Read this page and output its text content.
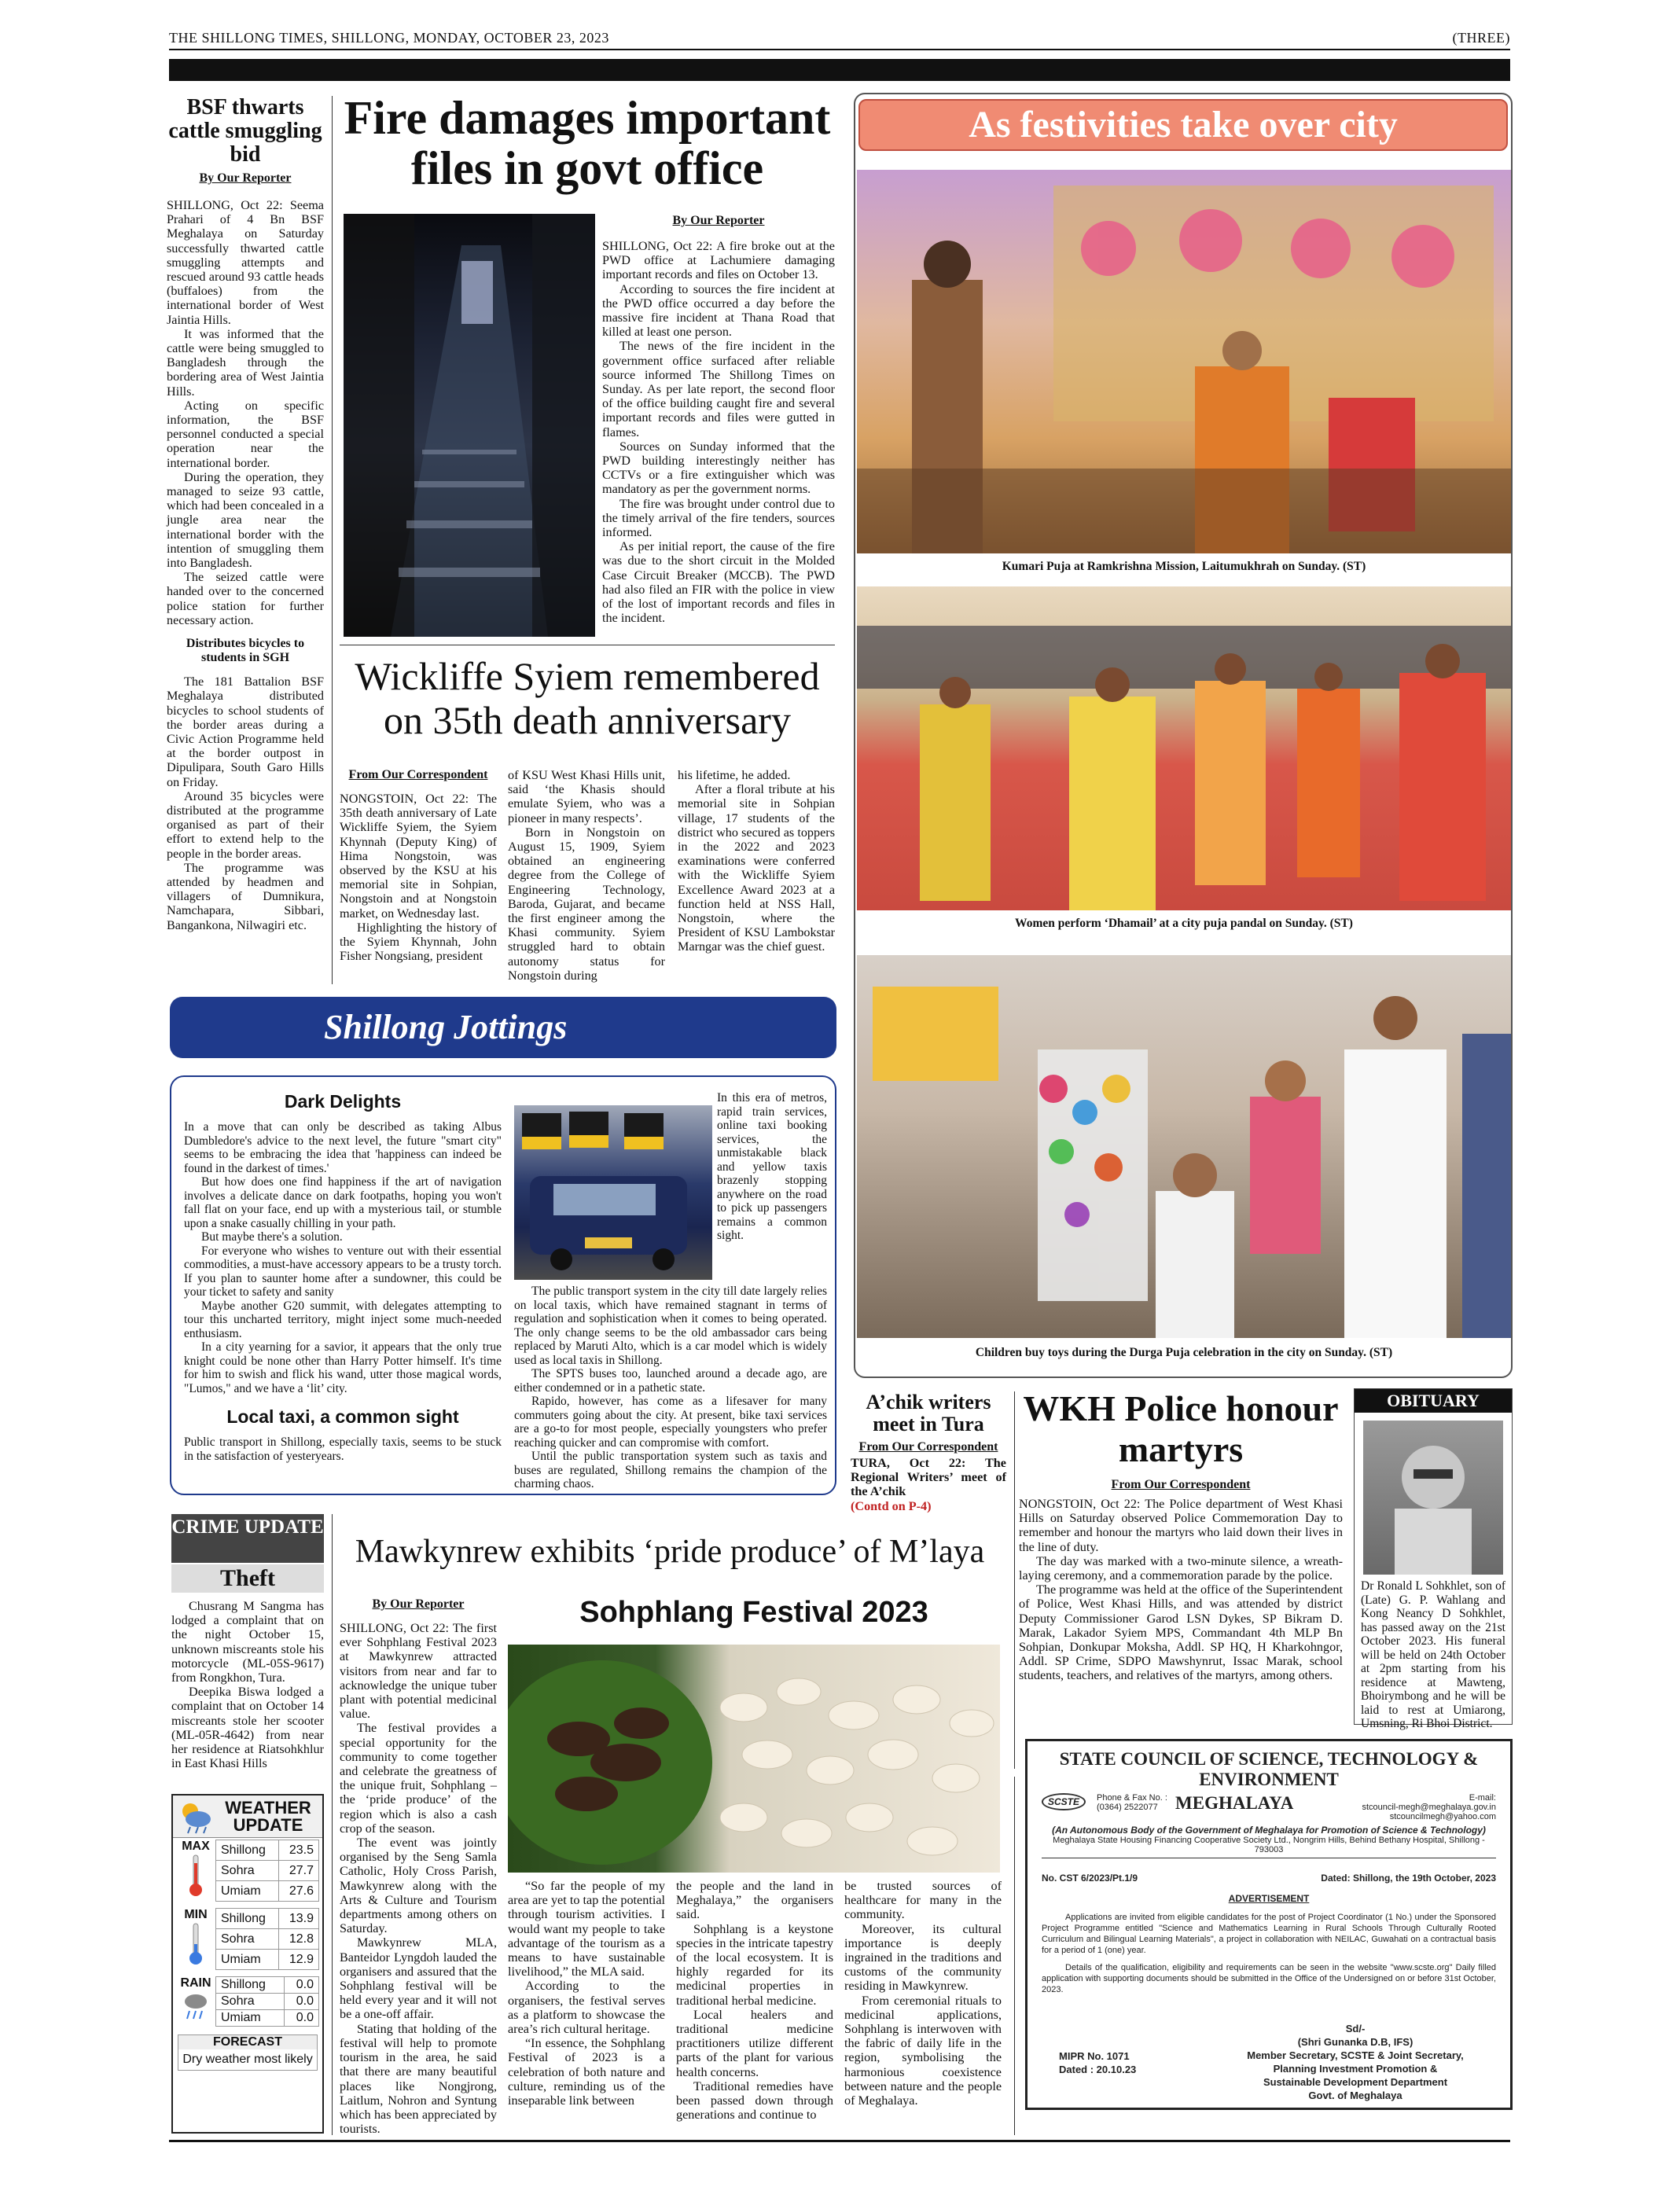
THE SHILLONG TIMES, SHILLONG, MONDAY, OCTOBER 23, 2023	(THREE)
BSF thwarts cattle smuggling bid
By Our Reporter

SHILLONG, Oct 22: Seema Prahari of 4 Bn BSF Meghalaya on Saturday successfully thwarted cattle smuggling attempts and rescued around 93 cattle heads (buffaloes) from the international border of West Jaintia Hills.

It was informed that the cattle were being smuggled to Bangladesh through the bordering area of West Jaintia Hills.

Acting on specific information, the BSF personnel conducted a special operation near the international border.

During the operation, they managed to seize 93 cattle, which had been concealed in a jungle area near the international border with the intention of smuggling them into Bangladesh.

The seized cattle were handed over to the concerned police station for further necessary action.

Distributes bicycles to students in SGH

The 181 Battalion BSF Meghalaya distributed bicycles to school students of the border areas during a Civic Action Programme held at the border outpost in Dipulipara, South Garo Hills on Friday.

Around 35 bicycles were distributed at the programme organised as part of their effort to extend help to the people in the border areas.

The programme was attended by headmen and villagers of Dumnikura, Namchapara, Sibbari, Bangankona, Nilwagiri etc.

Fire damages important files in govt office
By Our Reporter

SHILLONG, Oct 22: A fire broke out at the PWD office at Lachumiere damaging important records and files on October 13.

According to sources the fire incident at the PWD office occurred a day before the massive fire incident at Thana Road that killed at least one person.

The news of the fire incident in the government office surfaced after reliable source informed The Shillong Times on Sunday. As per late report, the second floor of the office building caught fire and several important records and files were gutted in flames.

Sources on Sunday informed that the PWD building interestingly neither has CCTVs or a fire extinguisher which was mandatory as per the government norms.

The fire was brought under control due to the timely arrival of the fire tenders, sources informed.

As per initial report, the cause of the fire was due to the short circuit in the Molded Case Circuit Breaker (MCCB). The PWD had also filed an FIR with the police in view of the lost of important records and files in the incident.

Wickliffe Syiem remembered on 35th death anniversary
From Our Correspondent

NONGSTOIN, Oct 22: The 35th death anniversary of Late Wickliffe Syiem, the Syiem Khynnah (Deputy King) of Hima Nongstoin, was observed by the KSU at his memorial site in Sohpian, Nongstoin and at Nongstoin market, on Wednesday last.

Highlighting the history of the Syiem Khynnah, John Fisher Nongsiang, president

of KSU West Khasi Hills unit, said ‘the Khasis should emulate Syiem, who was a pioneer in many respects’.

Born in Nongstoin on August 15, 1909, Syiem obtained an engineering degree from the College of Engineering Technology, Baroda, Gujarat, and became the first engineer among the Khasi community. Syiem struggled hard to obtain autonomy status for Nongstoin during

his lifetime, he added.

After a floral tribute at his memorial site in Sohpian village, 17 students of the district who secured as toppers in the 2022 and 2023 examinations were conferred with the Wickliffe Syiem Excellence Award 2023 at a function held at NSS Hall, Nongstoin, where the President of KSU Lambokstar Marngar was the chief guest.

As festivities take over city
Kumari Puja at Ramkrishna Mission, Laitumukhrah on Sunday. (ST)
Women perform ‘Dhamail’ at a city puja pandal on Sunday. (ST)
Children buy toys during the Durga Puja celebration in the city on Sunday. (ST)
Shillong Jottings
Dark Delights

In a move that can only be described as taking Albus Dumbledore's advice to the next level, the future "smart city" seems to be embracing the idea that 'happiness can indeed be found in the darkest of times.'

But how does one find happiness if the art of navigation involves a delicate dance on dark footpaths, hoping you won't fall flat on your face, end up with a mysterious tail, or stumble upon a snake casually chilling in your path.

But maybe there's a solution.

For everyone who wishes to venture out with their essential commodities, a must-have accessory appears to be a trusty torch. If you plan to saunter home after a sundowner, this could be your ticket to safety and sanity

Maybe another G20 summit, with delegates attempting to tour this uncharted territory, might inject some much-needed enthusiasm.

In a city yearning for a savior, it appears that the only true knight could be none other than Harry Potter himself. It's time for him to swish and flick his wand, utter those magical words, "Lumos," and we have a ‘lit’ city.

Local taxi, a common sight

Public transport in Shillong, especially taxis, seems to be stuck in the satisfaction of yesteryears.

In this era of metros, rapid train services, online taxi booking services, the unmistakable black and yellow taxis brazenly stopping anywhere on the road to pick up passengers remains a common sight.

The public transport system in the city till date largely relies on local taxis, which have remained stagnant in terms of regulation and sophistication when it comes to being operated. The only change seems to be the old ambassador cars being replaced by Maruti Alto, which is a car model which is widely used as local taxis in Shillong.

The SPTS buses too, launched around a decade ago, are either condemned or in a pathetic state.

Rapido, however, has come as a lifesaver for many commuters going about the city. At present, bike taxi services are a go-to for most people, especially youngsters who prefer reaching quicker and can compromise with comfort.

Until the public transportation system such as taxis and buses are regulated, Shillong remains the champion of the charming chaos.

A’chik writers meet in Tura
From Our Correspondent
TURA, Oct 22: The Regional Writers’ meet of the A’chik
(Contd on P-4)
WKH Police honour martyrs
From Our Correspondent

NONGSTOIN, Oct 22: The Police department of West Khasi Hills on Saturday observed Police Commemoration Day to remember and honour the martyrs who laid down their lives in the line of duty.

The day was marked with a two-minute silence, a wreath-laying ceremony, and a commemoration parade by the police.

The programme was held at the office of the Superintendent of Police, West Khasi Hills, and was attended by district Deputy Commissioner Garod LSN Dykes, SP Bikram D. Marak, Lakador Syiem MPS, Commandant 4th MLP Bn Sohpian, Donkupar Moksha, Addl. SP HQ, H Kharkohngor, Addl. SP Crime, SDPO Mawshynrut, Issac Marak, school students, teachers, and relatives of the martyrs, among others.

OBITUARY
Dr Ronald L Sohkhlet, son of (Late) G. P. Wahlang and Kong Neancy D Sohkhlet, has passed away on the 21st October 2023. His funeral will be held on 24th October at 2pm starting from his residence at Mawteng, Bhoirymbong and he will be laid to rest at Umiarong, Umsning, Ri Bhoi District.
CRIME UPDATE
Theft

Chusrang M Sangma has lodged a complaint that on the night October 15, unknown miscreants stole his motorcycle (ML-05S-9617) from Rongkhon, Tura.

Deepika Biswa lodged a complaint that on October 14 miscreants stole her scooter (ML-05R-4642) from near her residence at Riatsohkhlur in East Khasi Hills

WEATHER UPDATE
MAX Shillong	23.5
Sohra	27.7
Umiam	27.6
MIN	Shillong	13.9
Sohra	12.8
Umiam	12.9
RAIN Shillong	0.0
Sohra	0.0
Umiam	0.0
FORECAST
Dry weather most likely
Mawkynrew exhibits ‘pride produce’ of M’laya
By Our Reporter

SHILLONG, Oct 22: The first ever Sohphlang Festival 2023 at Mawkynrew attracted visitors from near and far to acknowledge the unique tuber plant with potential medicinal value.

The festival provides a special opportunity for the community to come together and celebrate the greatness of the unique fruit, Sohphlang – the ‘pride produce’ of the region which is also a cash crop of the season.

The event was jointly organised by the Seng Samla Catholic, Holy Cross Parish, Mawkynrew along with the Arts & Culture and Tourism departments among others on Saturday.

Mawkynrew MLA, Banteidor Lyngdoh lauded the organisers and assured that the Sohphlang festival will be held every year and it will not be a one-off affair.

Stating that holding of the festival will help to promote tourism in the area, he said that there are many beautiful places like Nongjrong, Laitlum, Nohron and Syntung which has been appreciated by tourists.

Sohphlang Festival 2023

“So far the people of my area are yet to tap the potential through tourism activities. I would want my people to take advantage of the tourism as a means to have sustainable livelihood,” the MLA said.

According to the organisers, the festival serves as a platform to showcase the area’s rich cultural heritage.

“In essence, the Sohphlang Festival of 2023 is a celebration of both nature and culture, reminding us of the inseparable link between

the people and the land in Meghalaya,” the organisers said.

Sohphlang is a keystone species in the intricate tapestry of the local ecosystem. It is highly regarded for its medicinal properties in traditional herbal medicine.

Local healers and traditional medicine practitioners utilize different parts of the plant for various health concerns.

Traditional remedies have been passed down through generations and continue to

be trusted sources of healthcare for many in the community.

Moreover, its cultural importance is deeply ingrained in the traditions and customs of the community residing in Mawkynrew.

From ceremonial rituals to medicinal applications, Sohphlang is interwoven with the fabric of daily life in the region, symbolising the harmonious coexistence between nature and the people of Meghalaya.

STATE COUNCIL OF SCIENCE, TECHNOLOGY & ENVIRONMENT
SCSTE	Phone & Fax No. : (0364) 2522077 MEGHALAYA	E-mail:
stcouncil-megh@meghalaya.gov.in
stcouncilmegh@yahoo.com
(An Autonomous Body of the Government of Meghalaya for Promotion of Science & Technology)
Meghalaya State Housing Financing Cooperative Society Ltd., Nongrim Hills, Behind Bethany Hospital, Shillong - 793003
No. CST 6/2023/Pt.1/9	Dated: Shillong, the 19th October, 2023
ADVERTISEMENT
Applications are invited from eligible candidates for the post of Project Coordinator (1 No.) under the Sponsored Project Programme entitled "Science and Mathematics Learning in Rural Schools Through Culturally Rooted Curriculum and Bilingual Learning Materials", a project in collaboration with NEILAC, Guwahati on a contractual basis for a period of 1 (one) year.
Details of the qualification, eligibility and requirements can be seen in the website "www.scste.org" Daily filled application with supporting documents should be submitted in the Office of the Undersigned on or before 31st October, 2023.
Sd/-
(Shri Gunanka D.B, IFS)
Member Secretary, SCSTE & Joint Secretary,
Planning Investment Promotion &
Sustainable Development Department
Govt. of Meghalaya
MIPR No. 1071
Dated : 20.10.23
